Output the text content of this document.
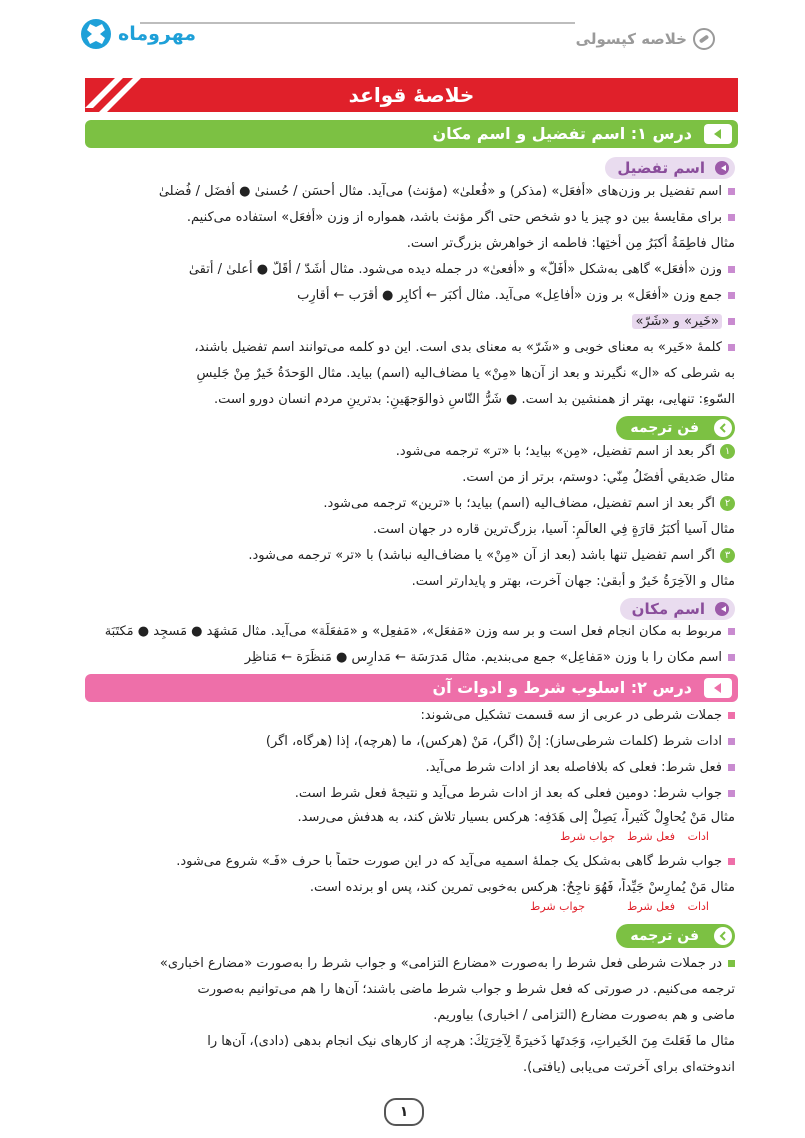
مهروماه	خلاصه کپسولی
خلاصۀ قواعد
درس ۱: اسم تفضیل و اسم مکان
اسم تفضیل
اسم تفضیل بر وزن‌های «أفعَل» (مذکر) و «فُعلیٰ» (مؤنث) می‌آید. مثال أحسَن / حُسنیٰ ● أفضَل / فُضلیٰ
برای مقایسۀ بین دو چیز یا دو شخص حتی اگر مؤنث باشد، همواره از وزن «أفعَل» استفاده می‌کنیم.
مثال فاطِمَةُ أکبَرُ مِن أُختِها: فاطمه از خواهرش بزرگ‌تر است.
وزن «أفعَل» گاهی به‌شکل «أفَلّ» و «أفعیٰ» در جمله دیده می‌شود. مثال أشَدّ / أقَلّ ● أعلیٰ / أتقیٰ
جمع وزن «أفعَل» بر وزن «أفاعِل» می‌آید. مثال أکبَر ← أکابِر ● أقرَب ← أقارِب
«خَیر» و «شَرّ»
کلمۀ «خَیر» به معنای خوبی و «شَرّ» به معنای بدی است. این دو کلمه می‌توانند اسم تفضیل باشند،
به شرطی که «ال» نگیرند و بعد از آن‌ها «مِنْ» یا مضاف‌الیه (اسم) بیاید. مثال الوَحدَةُ خَیرٌ مِنْ جَلیسِ
السّوءِ: تنهایی، بهتر از همنشین بد است. ● شَرُّ النّاسِ ذوالوَجهَینِ: بدترینِ مردم انسان دورو است.
فن ترجمه
۱اگر بعد از اسم تفضیل، «مِن» بیاید؛ با «تر» ترجمه می‌شود.
مثال صَدیقي أفضَلُ مِنّي: دوستم، برتر از من است.
۲اگر بعد از اسم تفضیل، مضاف‌الیه (اسم) بیاید؛ با «ترین» ترجمه می‌شود.
مثال آسیا أکبَرُ قارَةٍ فِي العالَمِ: آسیا، بزرگ‌ترین قاره در جهان است.
۳اگر اسم تفضیل تنها باشد (بعد از آن «مِنْ» یا مضاف‌الیه نباشد) با «تر» ترجمه می‌شود.
مثال و الآخِرَةُ خَیرٌ و أبقیٰ: جهان آخرت، بهتر و پایدارتر است.
اسم مکان
مربوط به مکان انجام فعل است و بر سه وزن «مَفعَل»، «مَفعِل» و «مَفعَلَة» می‌آید. مثال مَشهَد ● مَسجِد ● مَکتَبَة
اسم مکان را با وزن «مَفاعِل» جمع می‌بندیم. مثال مَدرَسَة ← مَدارِس ● مَنظَرَة ← مَناظِر
درس ۲: اسلوب شرط و ادوات آن
جملات شرطی در عربی از سه قسمت تشکیل می‌شوند:
ادات شرط (کلمات شرطی‌ساز): إنْ (اگر)، مَنْ (هرکس)، ما (هرچه)، إذا (هرگاه، اگر)
فعل شرط: فعلی که بلافاصله بعد از ادات شرط می‌آید.
جواب شرط: دومین فعلی که بعد از ادات شرط می‌آید و نتیجۀ فعل شرط است.
مثال مَنْ یُحاوِلْ کَثیراً، یَصِلْ إلی هَدَفِه: هرکس بسیار تلاش کند، به هدفش می‌رسد.
ادات
فعل شرط
جواب شرط
جواب شرط گاهی به‌شکل یک جملۀ اسمیه می‌آید که در این صورت حتماً با حرف «فَـ» شروع می‌شود.
مثال مَنْ یُمارِسْ جَیِّداً، فَهُوَ ناجِحٌ: هرکس به‌خوبی تمرین کند، پس او برنده است.
ادات
فعل شرط
جواب شرط
فن ترجمه
در جملات شرطی فعل شرط را به‌صورت «مضارع التزامی» و جواب شرط را به‌صورت «مضارع اخباری»
ترجمه می‌کنیم. در صورتی که فعل شرط و جواب شرط ماضی باشند؛ آن‌ها را هم می‌توانیم به‌صورت
ماضی و هم به‌صورت مضارع (التزامی / اخباری) بیاوریم.
مثال ما فَعَلتَ مِنَ الخَیراتِ، وَجَدتَها ذَخیرَةً لِآخِرَتِكَ: هرچه از کارهای نیک انجام بدهی (دادی)، آن‌ها را
اندوخته‌ای برای آخرتت می‌یابی (یافتی).
۱
